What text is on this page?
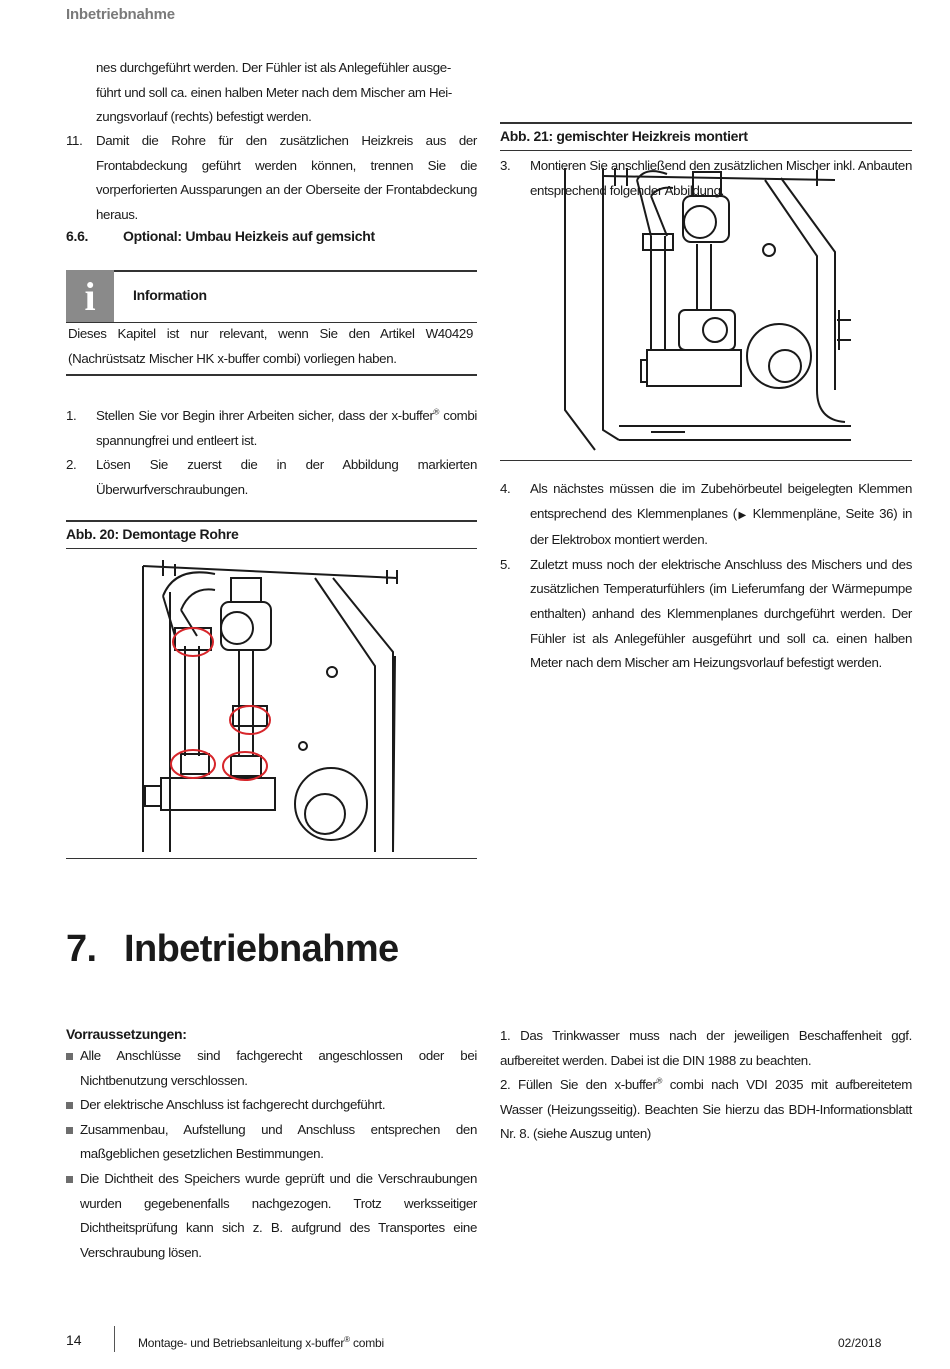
Inbetriebnahme
nes durchgeführt werden. Der Fühler ist als Anlegefühler ausge-
führt und soll ca. einen halben Meter nach dem Mischer am Hei-
zungsvorlauf (rechts) befestigt werden.
11. Damit die Rohre für den zusätzlichen Heizkreis aus der Frontabdeckung geführt werden können, trennen Sie die vorperforierten Aussparungen an der Oberseite der Frontabdeckung heraus.
6.6. Optional: Umbau Heizkeis auf gemsicht
i	Information
Dieses Kapitel ist nur relevant, wenn Sie den Artikel W40429 (Nachrüstsatz Mischer HK x-buffer combi) vorliegen haben.
1. Stellen Sie vor Begin ihrer Arbeiten sicher, dass der x-buffer® combi spannungfrei und entleert ist.
2. Lösen Sie zuerst die in der Abbildung markierten Überwurfverschraubungen.
Abb. 20: Demontage Rohre
3. Montieren Sie anschließend den zusätzlichen Mischer inkl. Anbauten entsprechend folgender Abbildung.
Abb. 21: gemischter Heizkreis montiert
4. Als nächstes müssen die im Zubehörbeutel beigelegten Klemmen entsprechend des Klemmenplanes (▶ Klemmenpläne, Seite 36) in der Elektrobox montiert werden.
5. Zuletzt muss noch der elektrische Anschluss des Mischers und des zusätzlichen Temperaturfühlers (im Lieferumfang der Wärmepumpe enthalten) anhand des Klemmenplanes durchgeführt werden. Der Fühler ist als Anlegefühler ausgeführt und soll ca. einen halben Meter nach dem Mischer am Heizungsvorlauf befestigt werden.
7. Inbetriebnahme
Vorraussetzungen:
Alle Anschlüsse sind fachgerecht angeschlossen oder bei Nichtbenutzung verschlossen.
Der elektrische Anschluss ist fachgerecht durchgeführt.
Zusammenbau, Aufstellung und Anschluss entsprechen den maßgeblichen gesetzlichen Bestimmungen.
Die Dichtheit des Speichers wurde geprüft und die Verschraubungen wurden gegebenenfalls nachgezogen. Trotz werksseitiger Dichtheitsprüfung kann sich z. B. aufgrund des Transportes eine Verschraubung lösen.
1. Das Trinkwasser muss nach der jeweiligen Beschaffenheit ggf. aufbereitet werden. Dabei ist die DIN 1988 zu beachten.
2. Füllen Sie den x-buffer® combi nach VDI 2035 mit aufbereitetem Wasser (Heizungsseitig). Beachten Sie hierzu das BDH-Informationsblatt Nr. 8. (siehe Auszug unten)
14	Montage- und Betriebsanleitung x-buffer® combi	02/2018
